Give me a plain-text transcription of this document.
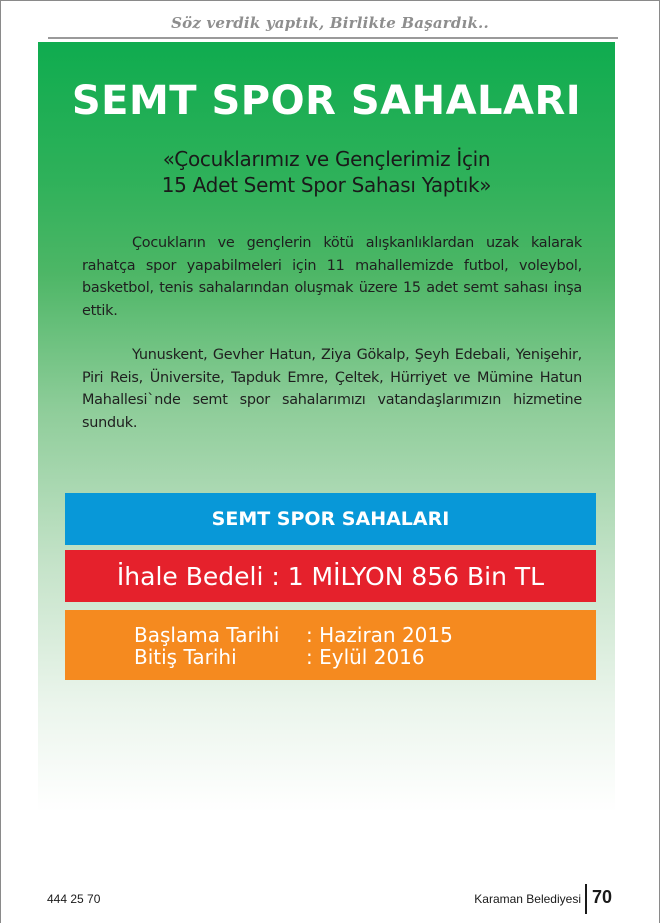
Söz verdik yaptık, Birlikte Başardık..
SEMT SPOR SAHALARI
«Çocuklarımız ve Gençlerimiz İçin
15 Adet Semt Spor Sahası Yaptık»
Çocukların ve gençlerin kötü alışkanlıklardan uzak kalarak rahatça spor yapabilmeleri için 11 mahallemizde futbol, voleybol, basketbol, tenis sahalarından oluşmak üzere 15 adet semt sahası inşa ettik.
Yunuskent, Gevher Hatun, Ziya Gökalp, Şeyh Edebali, Yenişehir, Piri Reis, Üniversite, Tapduk Emre, Çeltek, Hürriyet ve Mümine Hatun Mahallesi`nde semt spor sahalarımızı vatandaşlarımızın hizmetine sunduk.
SEMT SPOR SAHALARI
İhale Bedeli : 1 MİLYON 856 Bin TL
Başlama Tarihi : Haziran 2015
Bitiş Tarihi	: Eylül 2016
444 25 70	Karaman Belediyesi 70
